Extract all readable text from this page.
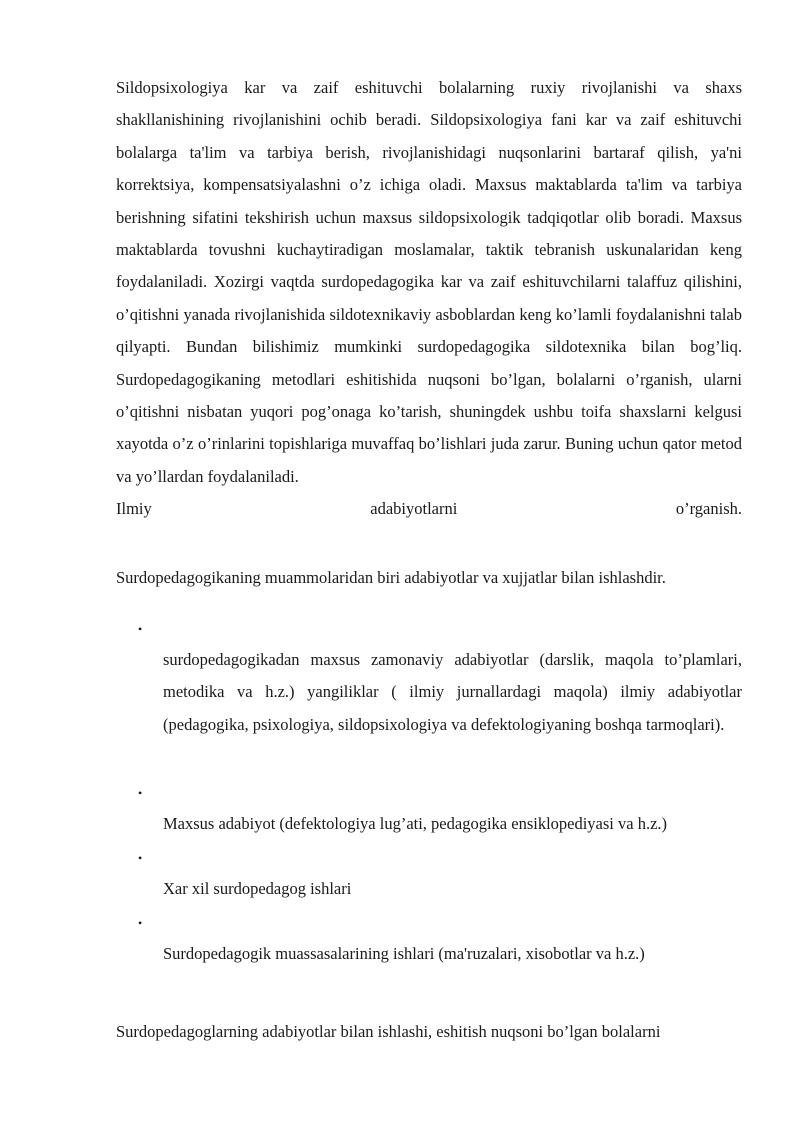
Sildopsixologiya kar va zaif eshituvchi bolalarning ruxiy rivojlanishi va shaxs shakllanishining rivojlanishini ochib beradi. Sildopsixologiya fani kar va zaif eshituvchi bolalarga ta'lim va tarbiya berish, rivojlanishidagi nuqsonlarini bartaraf qilish, ya'ni korrektsiya, kompensatsiyalashni o’z ichiga oladi. Maxsus maktablarda ta'lim va tarbiya berishning sifatini tekshirish uchun maxsus sildopsixologik tadqiqotlar olib boradi. Maxsus maktablarda tovushni kuchaytiradigan moslamalar, taktik tebranish uskunalaridan keng foydalaniladi. Xozirgi vaqtda surdopedagogika kar va zaif eshituvchilarni talaffuz qilishini, o’qitishni yanada rivojlanishida sildotexnikaviy asboblardan keng ko’lamli foydalanishni talab qilyapti. Bundan bilishimiz mumkinki surdopedagogika sildotexnika bilan bog’liq. Surdopedagogikaning metodlari eshitishida nuqsoni bo’lgan, bolalarni o’rganish, ularni o’qitishni nisbatan yuqori pog’onaga ko’tarish, shuningdek ushbu toifa shaxslarni kelgusi xayotda o’z o’rinlarini topishlariga muvaffaq bo’lishlari juda zarur. Buning uchun qator metod va yo’llardan foydalaniladi.
Ilmiy	adabiyotlarni	o’rganish.

Surdopedagogikaning muammolaridan biri adabiyotlar va xujjatlar bilan ishlashdir.

•
surdopedagogikadan maxsus zamonaviy adabiyotlar (darslik, maqola to’plamlari, metodika va h.z.) yangiliklar ( ilmiy jurnallardagi maqola) ilmiy adabiyotlar (pedagogika, psixologiya, sildopsixologiya va defektologiyaning boshqa tarmoqlari).
•
Maxsus adabiyot (defektologiya lug’ati, pedagogika ensiklopediyasi va h.z.)
•
Xar xil surdopedagog ishlari
•
Surdopedagogik muassasalarining ishlari (ma'ruzalari, xisobotlar va h.z.)

Surdopedagoglarning adabiyotlar bilan ishlashi, eshitish nuqsoni bo’lgan bolalarni
